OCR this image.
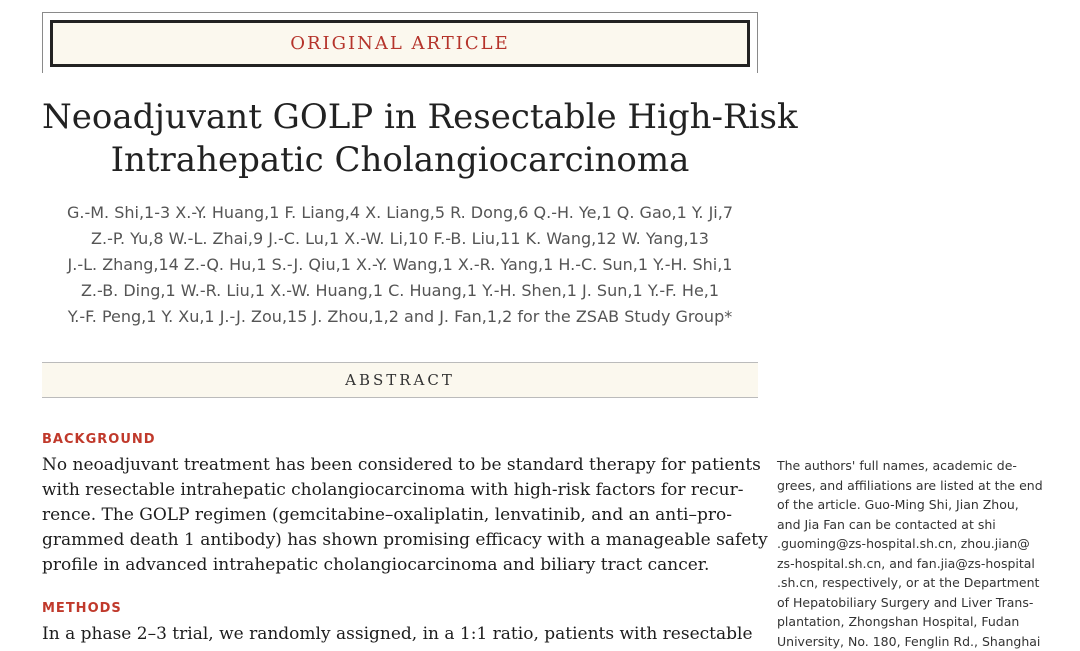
ORIGINAL ARTICLE
Neoadjuvant GOLP in Resectable High-Risk
Intrahepatic Cholangiocarcinoma
G.-M. Shi,1-3 X.-Y. Huang,1 F. Liang,4 X. Liang,5 R. Dong,6 Q.-H. Ye,1 Q. Gao,1 Y. Ji,7
Z.-P. Yu,8 W.-L. Zhai,9 J.-C. Lu,1 X.-W. Li,10 F.-B. Liu,11 K. Wang,12 W. Yang,13
J.-L. Zhang,14 Z.-Q. Hu,1 S.-J. Qiu,1 X.-Y. Wang,1 X.-R. Yang,1 H.-C. Sun,1 Y.-H. Shi,1
Z.-B. Ding,1 W.-R. Liu,1 X.-W. Huang,1 C. Huang,1 Y.-H. Shen,1 J. Sun,1 Y.-F. He,1
Y.-F. Peng,1 Y. Xu,1 J.-J. Zou,15 J. Zhou,1,2 and J. Fan,1,2 for the ZSAB Study Group*
ABSTRACT
BACKGROUND
No neoadjuvant treatment has been considered to be standard therapy for patients
with resectable intrahepatic cholangiocarcinoma with high-risk factors for recur-
rence. The GOLP regimen (gemcitabine–oxaliplatin, lenvatinib, and an anti–pro-
grammed death 1 antibody) has shown promising efficacy with a manageable safety
profile in advanced intrahepatic cholangiocarcinoma and biliary tract cancer.
METHODS
In a phase 2–3 trial, we randomly assigned, in a 1:1 ratio, patients with resectable
The authors' full names, academic de-
grees, and affiliations are listed at the end
of the article. Guo-Ming Shi, Jian Zhou,
and Jia Fan can be contacted at shi
.guoming@zs-hospital.sh.cn, zhou.jian@
zs-hospital.sh.cn, and fan.jia@zs-hospital
.sh.cn, respectively, or at the Department
of Hepatobiliary Surgery and Liver Trans-
plantation, Zhongshan Hospital, Fudan
University, No. 180, Fenglin Rd., Shanghai
